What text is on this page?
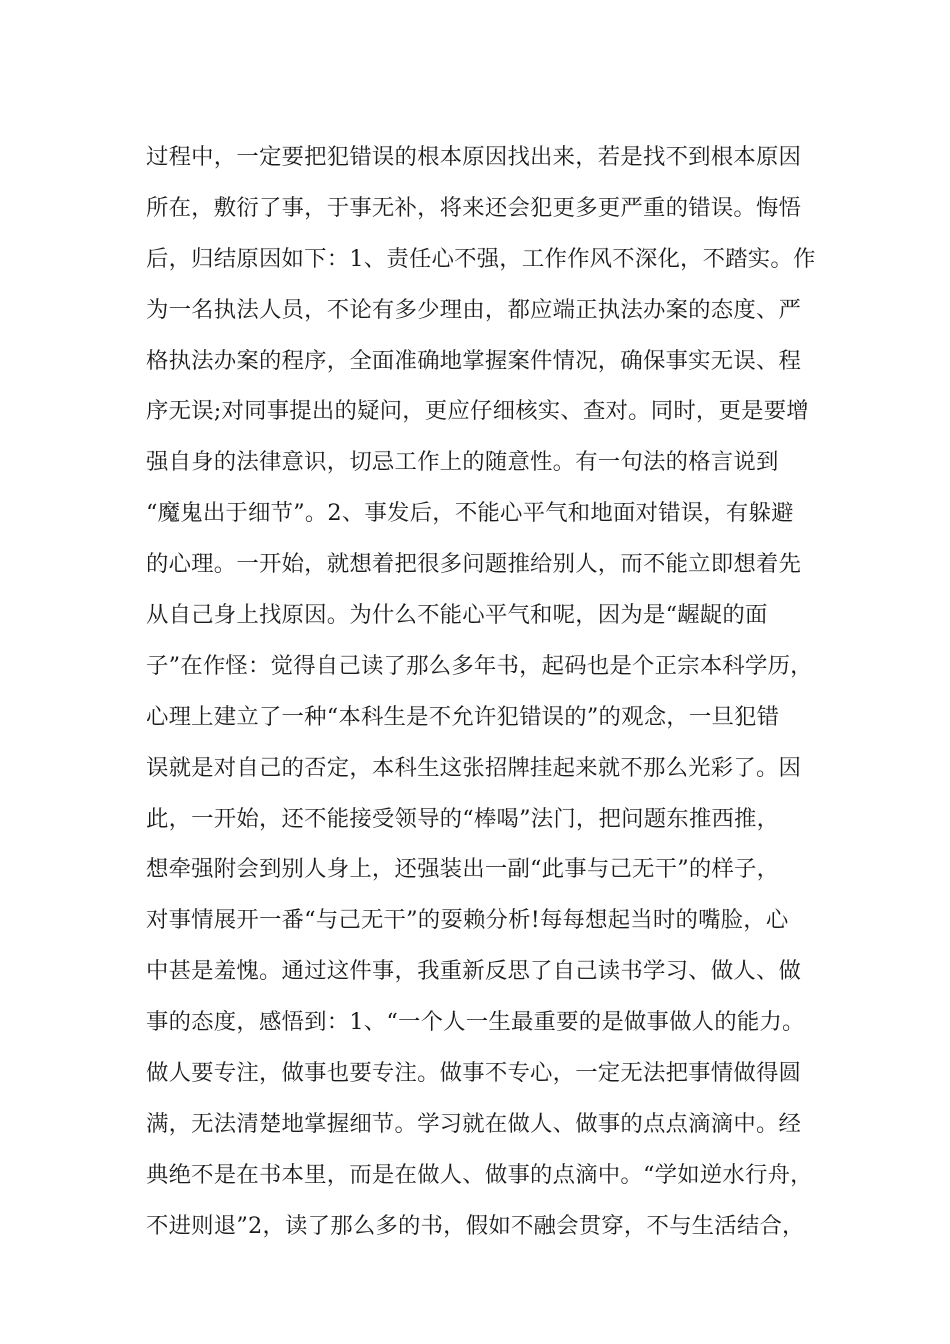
过程中，一定要把犯错误的根本原因找出来，若是找不到根本原因
所在，敷衍了事，于事无补，将来还会犯更多更严重的错误。悔悟
后，归结原因如下：1、责任心不强，工作作风不深化，不踏实。作
为一名执法人员，不论有多少理由，都应端正执法办案的态度、严
格执法办案的程序，全面准确地掌握案件情况，确保事实无误、程
序无误;对同事提出的疑问，更应仔细核实、查对。同时，更是要增
强自身的法律意识，切忌工作上的随意性。有一句法的格言说到
“魔鬼出于细节”。2、事发后，不能心平气和地面对错误，有躲避
的心理。一开始，就想着把很多问题推给别人，而不能立即想着先
从自己身上找原因。为什么不能心平气和呢，因为是“龌龊的面
子”在作怪：觉得自己读了那么多年书，起码也是个正宗本科学历，
心理上建立了一种“本科生是不允许犯错误的”的观念，一旦犯错
误就是对自己的否定，本科生这张招牌挂起来就不那么光彩了。因
此，一开始，还不能接受领导的“棒喝”法门，把问题东推西推，
想牵强附会到别人身上，还强装出一副“此事与己无干”的样子，
对事情展开一番“与己无干”的耍赖分析!每每想起当时的嘴脸，心
中甚是羞愧。通过这件事，我重新反思了自己读书学习、做人、做
事的态度，感悟到：1、“一个人一生最重要的是做事做人的能力。
做人要专注，做事也要专注。做事不专心，一定无法把事情做得圆
满，无法清楚地掌握细节。学习就在做人、做事的点点滴滴中。经
典绝不是在书本里，而是在做人、做事的点滴中。“学如逆水行舟，
不进则退”2，读了那么多的书，假如不融会贯穿，不与生活结合，
